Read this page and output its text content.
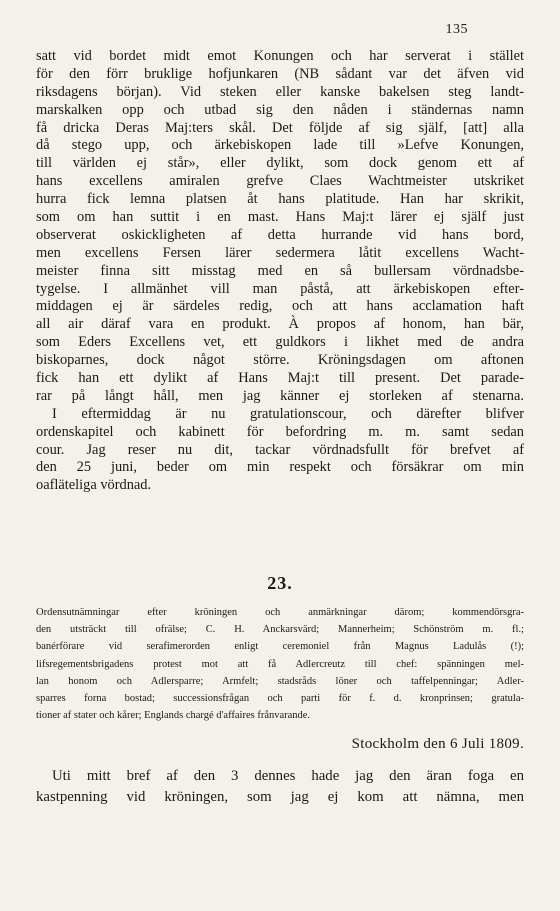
135
satt vid bordet midt emot Konungen och har serverat i stället
för den förr bruklige hofjunkaren (NB sådant var det äfven vid
riksdagens början). Vid steken eller kanske bakelsen steg landt-
marskalken opp och utbad sig den nåden i ständernas namn
få dricka Deras Maj:ters skål. Det följde af sig själf, [att] alla
då stego upp, och ärkebiskopen lade till »Lefve Konungen,
till världen ej står», eller dylikt, som dock genom ett af
hans excellens amiralen grefve Claes Wachtmeister utskriket
hurra fick lemna platsen åt hans platitude. Han har skrikit,
som om han suttit i en mast. Hans Maj:t lärer ej själf just
observerat oskickligheten af detta hurrande vid hans bord,
men excellens Fersen lärer sedermera låtit excellens Wacht-
meister finna sitt misstag med en så bullersam vördnadsbe-
tygelse. I allmänhet vill man påstå, att ärkebiskopen efter-
middagen ej är särdeles redig, och att hans acclamation haft
all air däraf vara en produkt. À propos af honom, han bär,
som Eders Excellens vet, ett guldkors i likhet med de andra
biskoparnes, dock något större. Kröningsdagen om aftonen
fick han ett dylikt af Hans Maj:t till present. Det parade-
rar på långt håll, men jag känner ej storleken af stenarna.
I eftermiddag är nu gratulationscour, och därefter blifver
ordenskapitel och kabinett för befordring m. m. samt sedan
cour. Jag reser nu dit, tackar vördnadsfullt för brefvet af
den 25 juni, beder om min respekt och försäkrar om min
oafläteliga vördnad.
23.
Ordensutnämningar efter kröningen och anmärkningar därom; kommendörsgra-
den utsträckt till ofrälse; C. H. Anckarsvärd; Mannerheim; Schönström m. fl.;
banérförare vid serafimerorden enligt ceremoniel från Magnus Ladulås (!);
lifsregementsbrigadens protest mot att få Adlercreutz till chef: spänningen mel-
lan honom och Adlersparre; Armfelt; stadsråds löner och taffelpenningar; Adler-
sparres forna bostad; successionsfrågan och parti för f. d. kronprinsen; gratula-
tioner af stater och kårer; Englands chargé d'affaires frånvarande.
Stockholm den 6 Juli 1809.
Uti mitt bref af den 3 dennes hade jag den äran foga en
kastpenning vid kröningen, som jag ej kom att nämna, men
